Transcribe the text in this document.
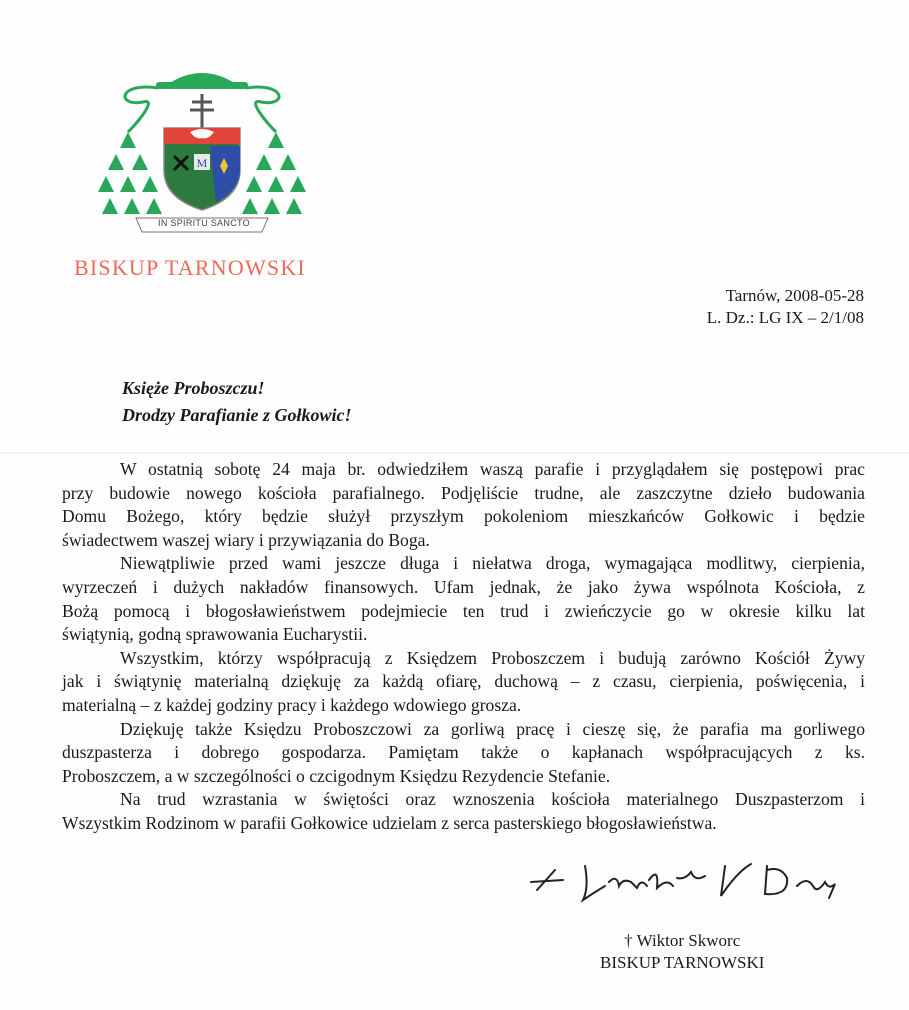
M
IN SPIRITU SANCTO
BISKUP TARNOWSKI
Tarnów, 2008-05-28
L. Dz.: LG IX – 2/1/08
Księże Proboszczu!
Drodzy Parafianie z Gołkowic!
W ostatnią sobotę 24 maja br. odwiedziłem waszą parafie i przyglądałem się postępowi prac
przy budowie nowego kościoła parafialnego. Podjęliście trudne, ale zaszczytne dzieło budowania
Domu Bożego, który będzie służył przyszłym pokoleniom mieszkańców Gołkowic i będzie
świadectwem waszej wiary i przywiązania do Boga.
Niewątpliwie przed wami jeszcze długa i niełatwa droga, wymagająca modlitwy, cierpienia,
wyrzeczeń i dużych nakładów finansowych. Ufam jednak, że jako żywa wspólnota Kościoła, z
Bożą pomocą i błogosławieństwem podejmiecie ten trud i zwieńczycie go w okresie kilku lat
świątynią, godną sprawowania Eucharystii.
Wszystkim, którzy współpracują z Księdzem Proboszczem i budują zarówno Kościół Żywy
jak i świątynię materialną dziękuję za każdą ofiarę, duchową – z czasu, cierpienia, poświęcenia, i
materialną – z każdej godziny pracy i każdego wdowiego grosza.
Dziękuję także Księdzu Proboszczowi za gorliwą pracę i cieszę się, że parafia ma gorliwego
duszpasterza i dobrego gospodarza. Pamiętam także o kapłanach współpracujących z ks.
Proboszczem, a w szczególności o czcigodnym Księdzu Rezydencie Stefanie.
Na trud wzrastania w świętości oraz wznoszenia kościoła materialnego Duszpasterzom i
Wszystkim Rodzinom w parafii Gołkowice udzielam z serca pasterskiego błogosławieństwa.
† Wiktor Skworc
BISKUP TARNOWSKI
